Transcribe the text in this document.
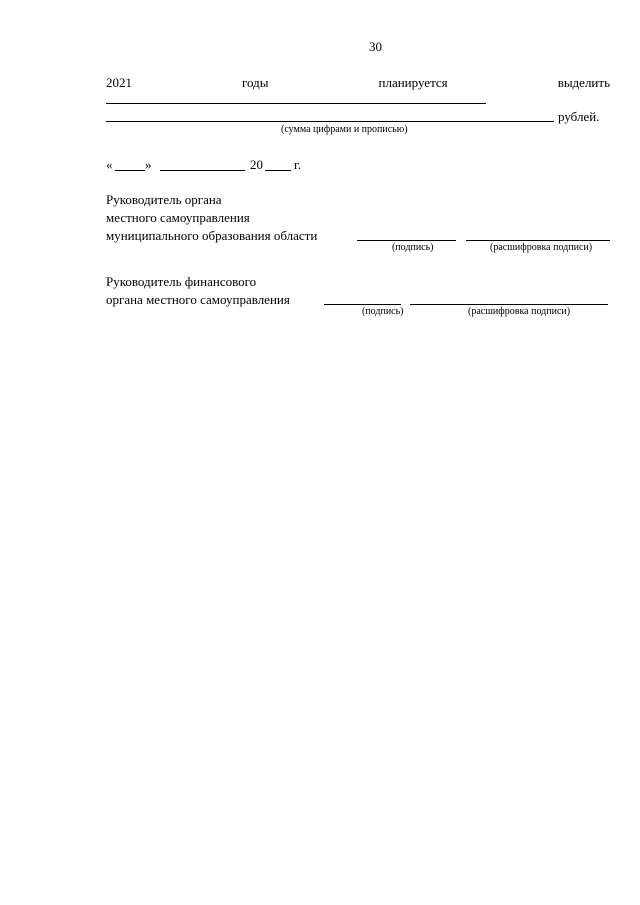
30
2021	годы	планируется	выделить
рублей.
(сумма цифрами и прописью)
«	»	20 г.
Руководитель органа
местного самоуправления
муниципального образования области
(подпись)	(расшифровка подписи)
Руководитель финансового
органа местного самоуправления
(подпись)	(расшифровка подписи)
